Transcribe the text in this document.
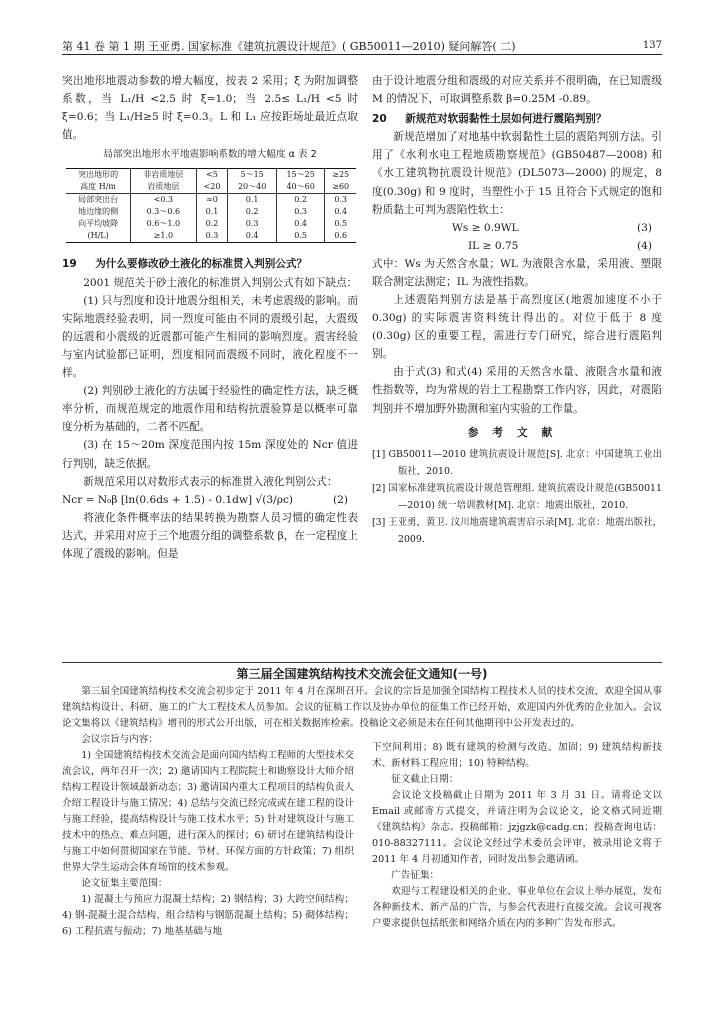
第 41 卷 第 1 期 王亚勇. 国家标准《建筑抗震设计规范》( GB50011—2010) 疑问解答( 二)	137

突出地形地震动参数的增大幅度，按表 2 采用；ξ 为附加调整系数，当 L₁/H <2.5 时 ξ=1.0；当 2.5≤ L₁/H <5 时 ξ=0.6；当 L₁/H≥5 时 ξ=0.3。L 和 L₁ 应按距场址最近点取值。

局部突出地形水平地震影响系数的增大幅度 α 表 2
突出地形的	非岩质地层	<5	5～15	15～25	≥25
高度 H/m	岩质地层	<20	20～40	40～60	≥60
局部突出台	<0.3	≈0	0.1	0.2	0.3
地边缘的侧	0.3～0.6	0.1	0.2	0.3	0.4
向平均坡降	0.6～1.0	0.2	0.3	0.4	0.5
(H/L)	≥1.0	0.3	0.4	0.5	0.6

19 为什么要修改砂土液化的标准贯入判别公式？

2001 规范关于砂土液化的标准贯入判别公式有如下缺点：

(1) 只与烈度和设计地震分组相关，未考虑震级的影响。而实际地震经验表明，同一烈度可能由不同的震级引起，大震级的远震和小震级的近震都可能产生相同的影响烈度。震害经验与室内试验都已证明，烈度相同而震级不同时，液化程度不一样。

(2) 判别砂土液化的方法属于经验性的确定性方法，缺乏概率分析，而规范规定的地震作用和结构抗震验算是以概率可靠度分析为基础的，二者不匹配。

(3) 在 15～20m 深度范围内按 15m 深度处的 Ncr 值进行判别，缺乏依据。

新规范采用以对数形式表示的标准贯入液化判别公式：

Ncr = N₀β [ln(0.6ds + 1.5) - 0.1dw] √(3/ρc)	(2)

将液化条件概率法的结果转换为勘察人员习惯的确定性表达式，并采用对应于三个地震分组的调整系数 β，在一定程度上体现了震级的影响。但是

由于设计地震分组和震级的对应关系并不很明确，在已知震级 M 的情况下，可取调整系数 β=0.25M -0.89。

20 新规范对软弱黏性土层如何进行震陷判别？

新规范增加了对地基中软弱黏性土层的震陷判别方法。引用了《水利水电工程地质勘察规范》(GB50487—2008) 和《水工建筑物抗震设计规范》(DL5073—2000) 的规定，8 度(0.30g) 和 9 度时，当塑性小于 15 且符合下式规定的饱和粉质黏土可判为震陷性软土：

Ws ≥ 0.9WL	(3)
IL ≥ 0.75	(4)

式中：Ws 为天然含水量；WL 为液限含水量，采用液、塑限联合测定法测定；IL 为液性指数。

上述震陷判别方法是基于高烈度区(地震加速度不小于 0.30g) 的实际震害资料统计得出的。对位于低于 8 度(0.30g) 区的重要工程，需进行专门研究，综合进行震陷判别。

由于式(3) 和式(4) 采用的天然含水量、液限含水量和液性指数等，均为常规的岩土工程勘察工作内容，因此，对震陷判别并不增加野外勘测和室内实验的工作量。

参考文献

[1] GB50011—2010 建筑抗震设计规范[S]. 北京：中国建筑工业出版社，2010.

[2] 国家标准建筑抗震设计规范管理组. 建筑抗震设计规范(GB50011—2010) 统一培训教材[M]. 北京：地震出版社，2010.

[3] 王亚勇，黄卫. 汶川地震建筑震害启示录[M]. 北京：地震出版社，2009.

第三届全国建筑结构技术交流会征文通知(一号)

第三届全国建筑结构技术交流会初步定于 2011 年 4 月在深圳召开。会议的宗旨是加强全国结构工程技术人员的技术交流，欢迎全国从事建筑结构设计、科研、施工的广大工程技术人员参加。会议的征稿工作以及协办单位的征集工作已经开始，欢迎国内外优秀的企业加入。会议论文集将以《建筑结构》增刊的形式公开出版，可在相关数据库检索。投稿论文必须是未在任何其他期刊中公开发表过的。

会议宗旨与内容：

1) 全国建筑结构技术交流会是面向国内结构工程师的大型技术交流会议，两年召开一次；2) 邀请国内工程院院士和勘察设计大师介绍结构工程设计领域最新动态；3) 邀请国内重大工程项目的结构负责人介绍工程设计与施工情况；4) 总结与交流已经完成或在建工程的设计与施工经验，提高结构设计与施工技术水平；5) 针对建筑设计与施工技术中的热点、难点问题，进行深入的探讨；6) 研讨在建筑结构设计与施工中如何贯彻国家在节能、节材、环保方面的方针政策；7) 组织世界大学生运动会体育场馆的技术参观。

论文征集主要范围：

1) 混凝土与预应力混凝土结构；2) 钢结构；3) 大跨空间结构；4) 钢-混凝土混合结构、组合结构与钢筋混凝土结构；5) 砌体结构；6) 工程抗震与振动；7) 地基基础与地

下空间利用；8) 既有建筑的检测与改造、加固；9) 建筑结构新技术、新材料工程应用；10) 特种结构。

征文截止日期：

会议论文投稿截止日期为 2011 年 3 月 31 日。请将论文以 Email 或邮寄方式提交，并请注明为会议论文，论文格式同近期《建筑结构》杂志。投稿邮箱：jzjgzk@cadg.cn；投稿查询电话：010-88327111。会议论文经过学术委员会评审，被录用论文将于 2011 年 4 月初通知作者，同时发出参会邀请函。

广告征集：

欢迎与工程建设相关的企业、事业单位在会议上举办展览，发布各种新技术、新产品的广告，与参会代表进行直接交流。会议可视客户要求提供包括纸张和网络介质在内的多种广告发布形式。
